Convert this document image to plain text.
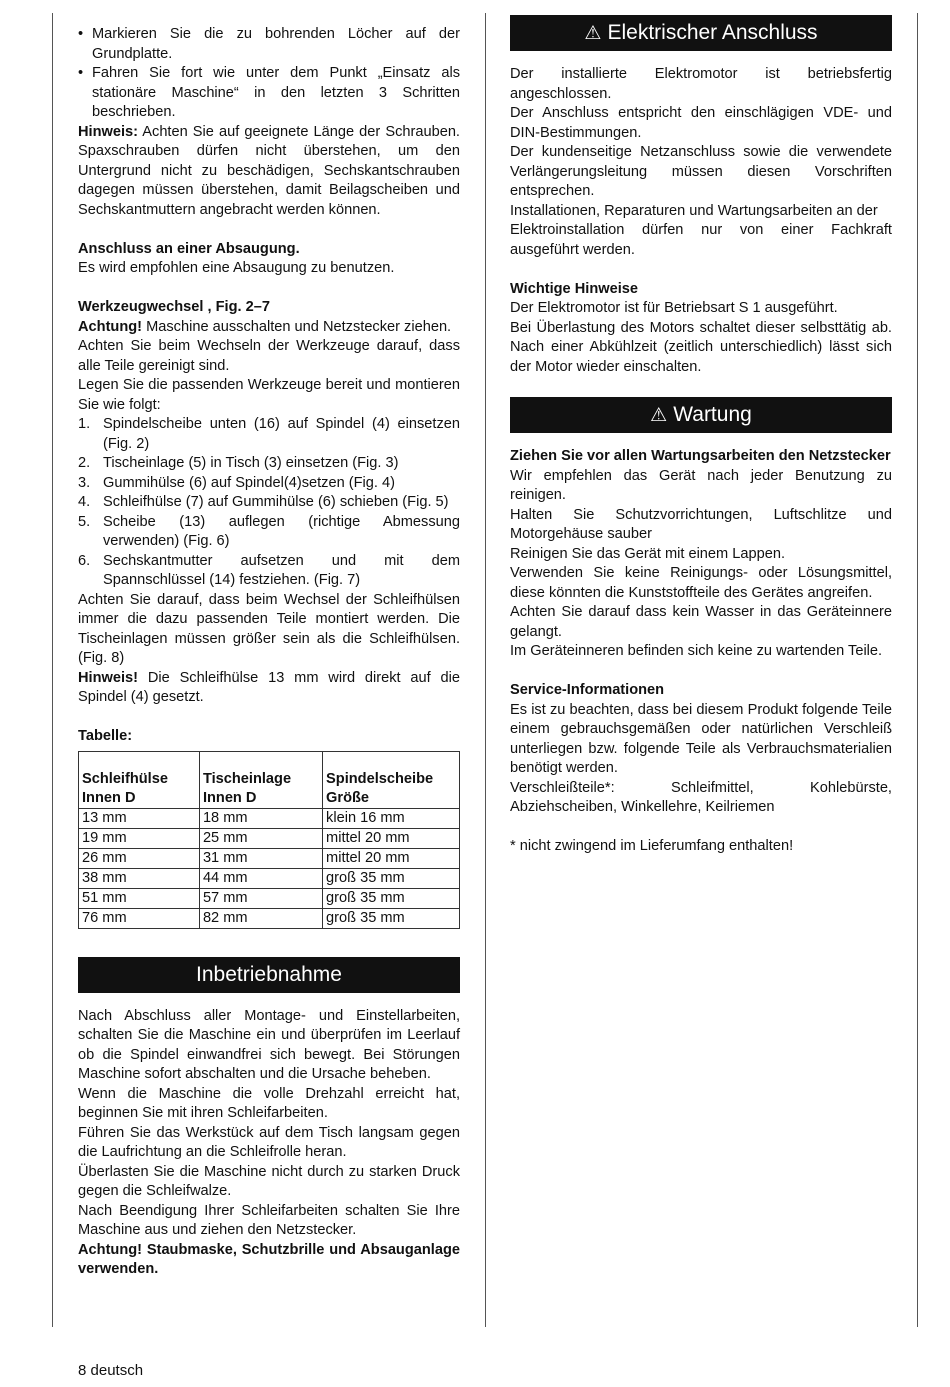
• Markieren Sie die zu bohrenden Löcher auf der Grundplatte.
• Fahren Sie fort wie unter dem Punkt „Einsatz als stationäre Maschine“ in den letzten 3 Schritten beschrieben.

Hinweis: Achten Sie auf geeignete Länge der Schrauben. Spaxschrauben dürfen nicht überstehen, um den Untergrund nicht zu beschädigen, Sechskantschrauben dagegen müssen überstehen, damit Beilagscheiben und Sechskantmuttern angebracht werden können.

Anschluss an einer Absaugung.

Es wird empfohlen eine Absaugung zu benutzen.

Werkzeugwechsel , Fig. 2–7

Achtung! Maschine ausschalten und Netzstecker ziehen.

Achten Sie beim Wechseln der Werkzeuge darauf, dass alle Teile gereinigt sind.

Legen Sie die passenden Werkzeuge bereit und montieren Sie wie folgt:

1. Spindelscheibe unten (16) auf Spindel (4) einsetzen (Fig. 2)
2. Tischeinlage (5) in Tisch (3) einsetzen (Fig. 3)
3. Gummihülse (6) auf Spindel(4)setzen (Fig. 4)
4. Schleifhülse (7) auf Gummihülse (6) schieben (Fig. 5)
5. Scheibe (13) auflegen (richtige Abmessung verwenden) (Fig. 6)
6. Sechskantmutter aufsetzen und mit dem Spannschlüssel (14) festziehen. (Fig. 7)

Achten Sie darauf, dass beim Wechsel der Schleifhülsen immer die dazu passenden Teile montiert werden. Die Tischeinlagen müssen größer sein als die Schleifhülsen. (Fig. 8)

Hinweis! Die Schleifhülse 13 mm wird direkt auf die Spindel (4) gesetzt.

Tabelle:

Schleifhülse Innen D	Tischeinlage Innen D	Spindelscheibe Größe
13 mm	18 mm	klein 16 mm
19 mm	25 mm	mittel 20 mm
26 mm	31 mm	mittel 20 mm
38 mm	44 mm	groß 35 mm
51 mm	57 mm	groß 35 mm
76 mm	82 mm	groß 35 mm
Inbetriebnahme

Nach Abschluss aller Montage- und Einstellarbeiten, schalten Sie die Maschine ein und überprüfen im Leerlauf ob die Spindel einwandfrei sich bewegt. Bei Störungen Maschine sofort abschalten und die Ursache beheben.

Wenn die Maschine die volle Drehzahl erreicht hat, beginnen Sie mit ihren Schleifarbeiten.

Führen Sie das Werkstück auf dem Tisch langsam gegen die Laufrichtung an die Schleifrolle heran.

Überlasten Sie die Maschine nicht durch zu starken Druck gegen die Schleifwalze.

Nach Beendigung Ihrer Schleifarbeiten schalten Sie Ihre Maschine aus und ziehen den Netzstecker.

Achtung! Staubmaske, Schutzbrille und Absauganlage verwenden.

⚠ Elektrischer Anschluss

Der installierte Elektromotor ist betriebsfertig angeschlossen.

Der Anschluss entspricht den einschlägigen VDE- und DIN-Bestimmungen.

Der kundenseitige Netzanschluss sowie die verwendete Verlängerungsleitung müssen diesen Vorschriften entsprechen.

Installationen, Reparaturen und Wartungsarbeiten an der

Elektroinstallation dürfen nur von einer Fachkraft ausgeführt werden.

Wichtige Hinweise

Der Elektromotor ist für Betriebsart S 1 ausgeführt.

Bei Überlastung des Motors schaltet dieser selbsttätig ab. Nach einer Abkühlzeit (zeitlich unterschiedlich) lässt sich der Motor wieder einschalten.

⚠ Wartung

Ziehen Sie vor allen Wartungsarbeiten den Netzstecker

Wir empfehlen das Gerät nach jeder Benutzung zu reinigen.

Halten Sie Schutzvorrichtungen, Luftschlitze und Motorgehäuse sauber

Reinigen Sie das Gerät mit einem Lappen.

Verwenden Sie keine Reinigungs- oder Lösungsmittel, diese könnten die Kunststoffteile des Gerätes angreifen.

Achten Sie darauf dass kein Wasser in das Geräteinnere gelangt.

Im Geräteinneren befinden sich keine zu wartenden Teile.

Service-Informationen

Es ist zu beachten, dass bei diesem Produkt folgende Teile einem gebrauchsgemäßen oder natürlichen Verschleiß unterliegen bzw. folgende Teile als Verbrauchsmaterialien benötigt werden.

Verschleißteile*: Schleifmittel, Kohlebürste, Abziehscheiben, Winkellehre, Keilriemen

* nicht zwingend im Lieferumfang enthalten!

8 deutsch
